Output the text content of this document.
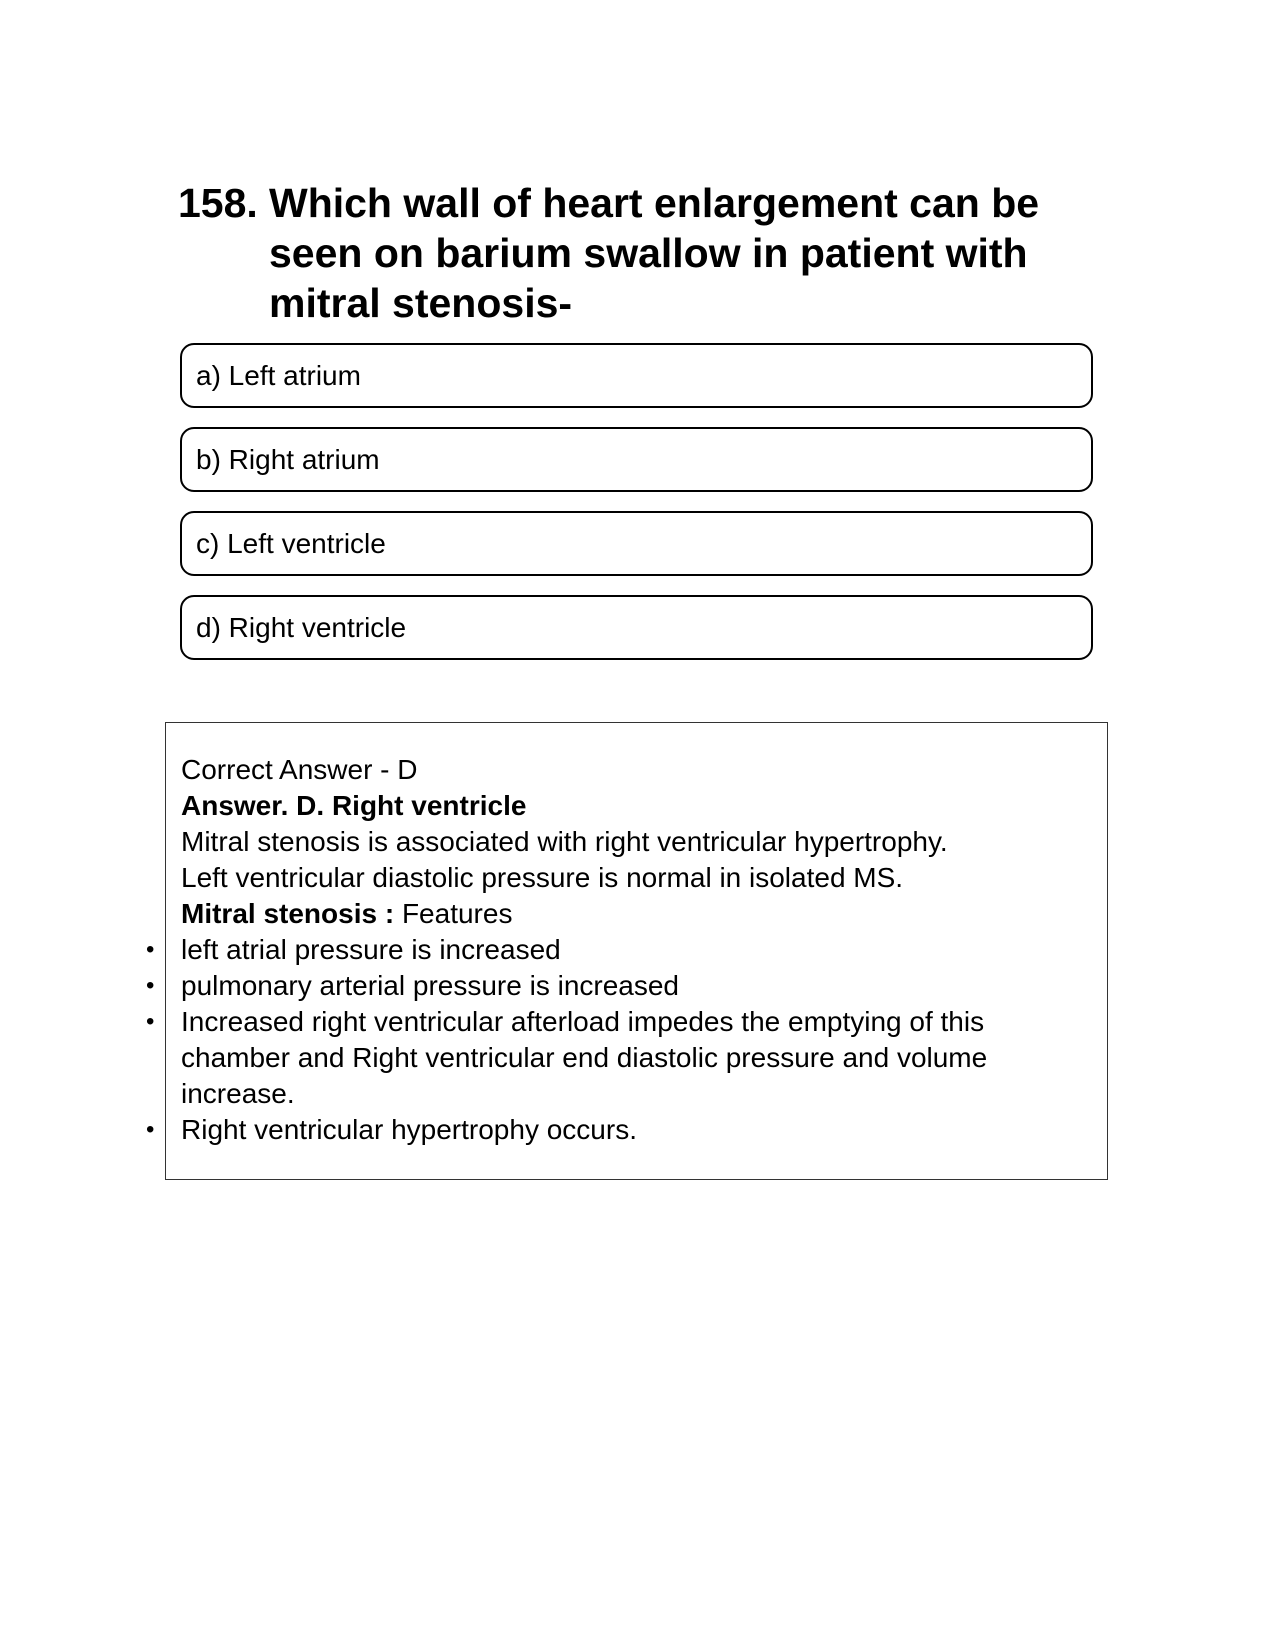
158. Which wall of heart enlargement can be seen on barium swallow in patient with mitral stenosis-
a) Left atrium
b) Right atrium
c) Left ventricle
d) Right ventricle

Correct Answer - D

Answer. D. Right ventricle

Mitral stenosis is associated with right ventricular hypertrophy.

Left ventricular diastolic pressure is normal in isolated MS.

Mitral stenosis : Features

• left atrial pressure is increased
• pulmonary arterial pressure is increased
• Increased right ventricular afterload impedes the emptying of this chamber and Right ventricular end diastolic pressure and volume increase.
• Right ventricular hypertrophy occurs.
